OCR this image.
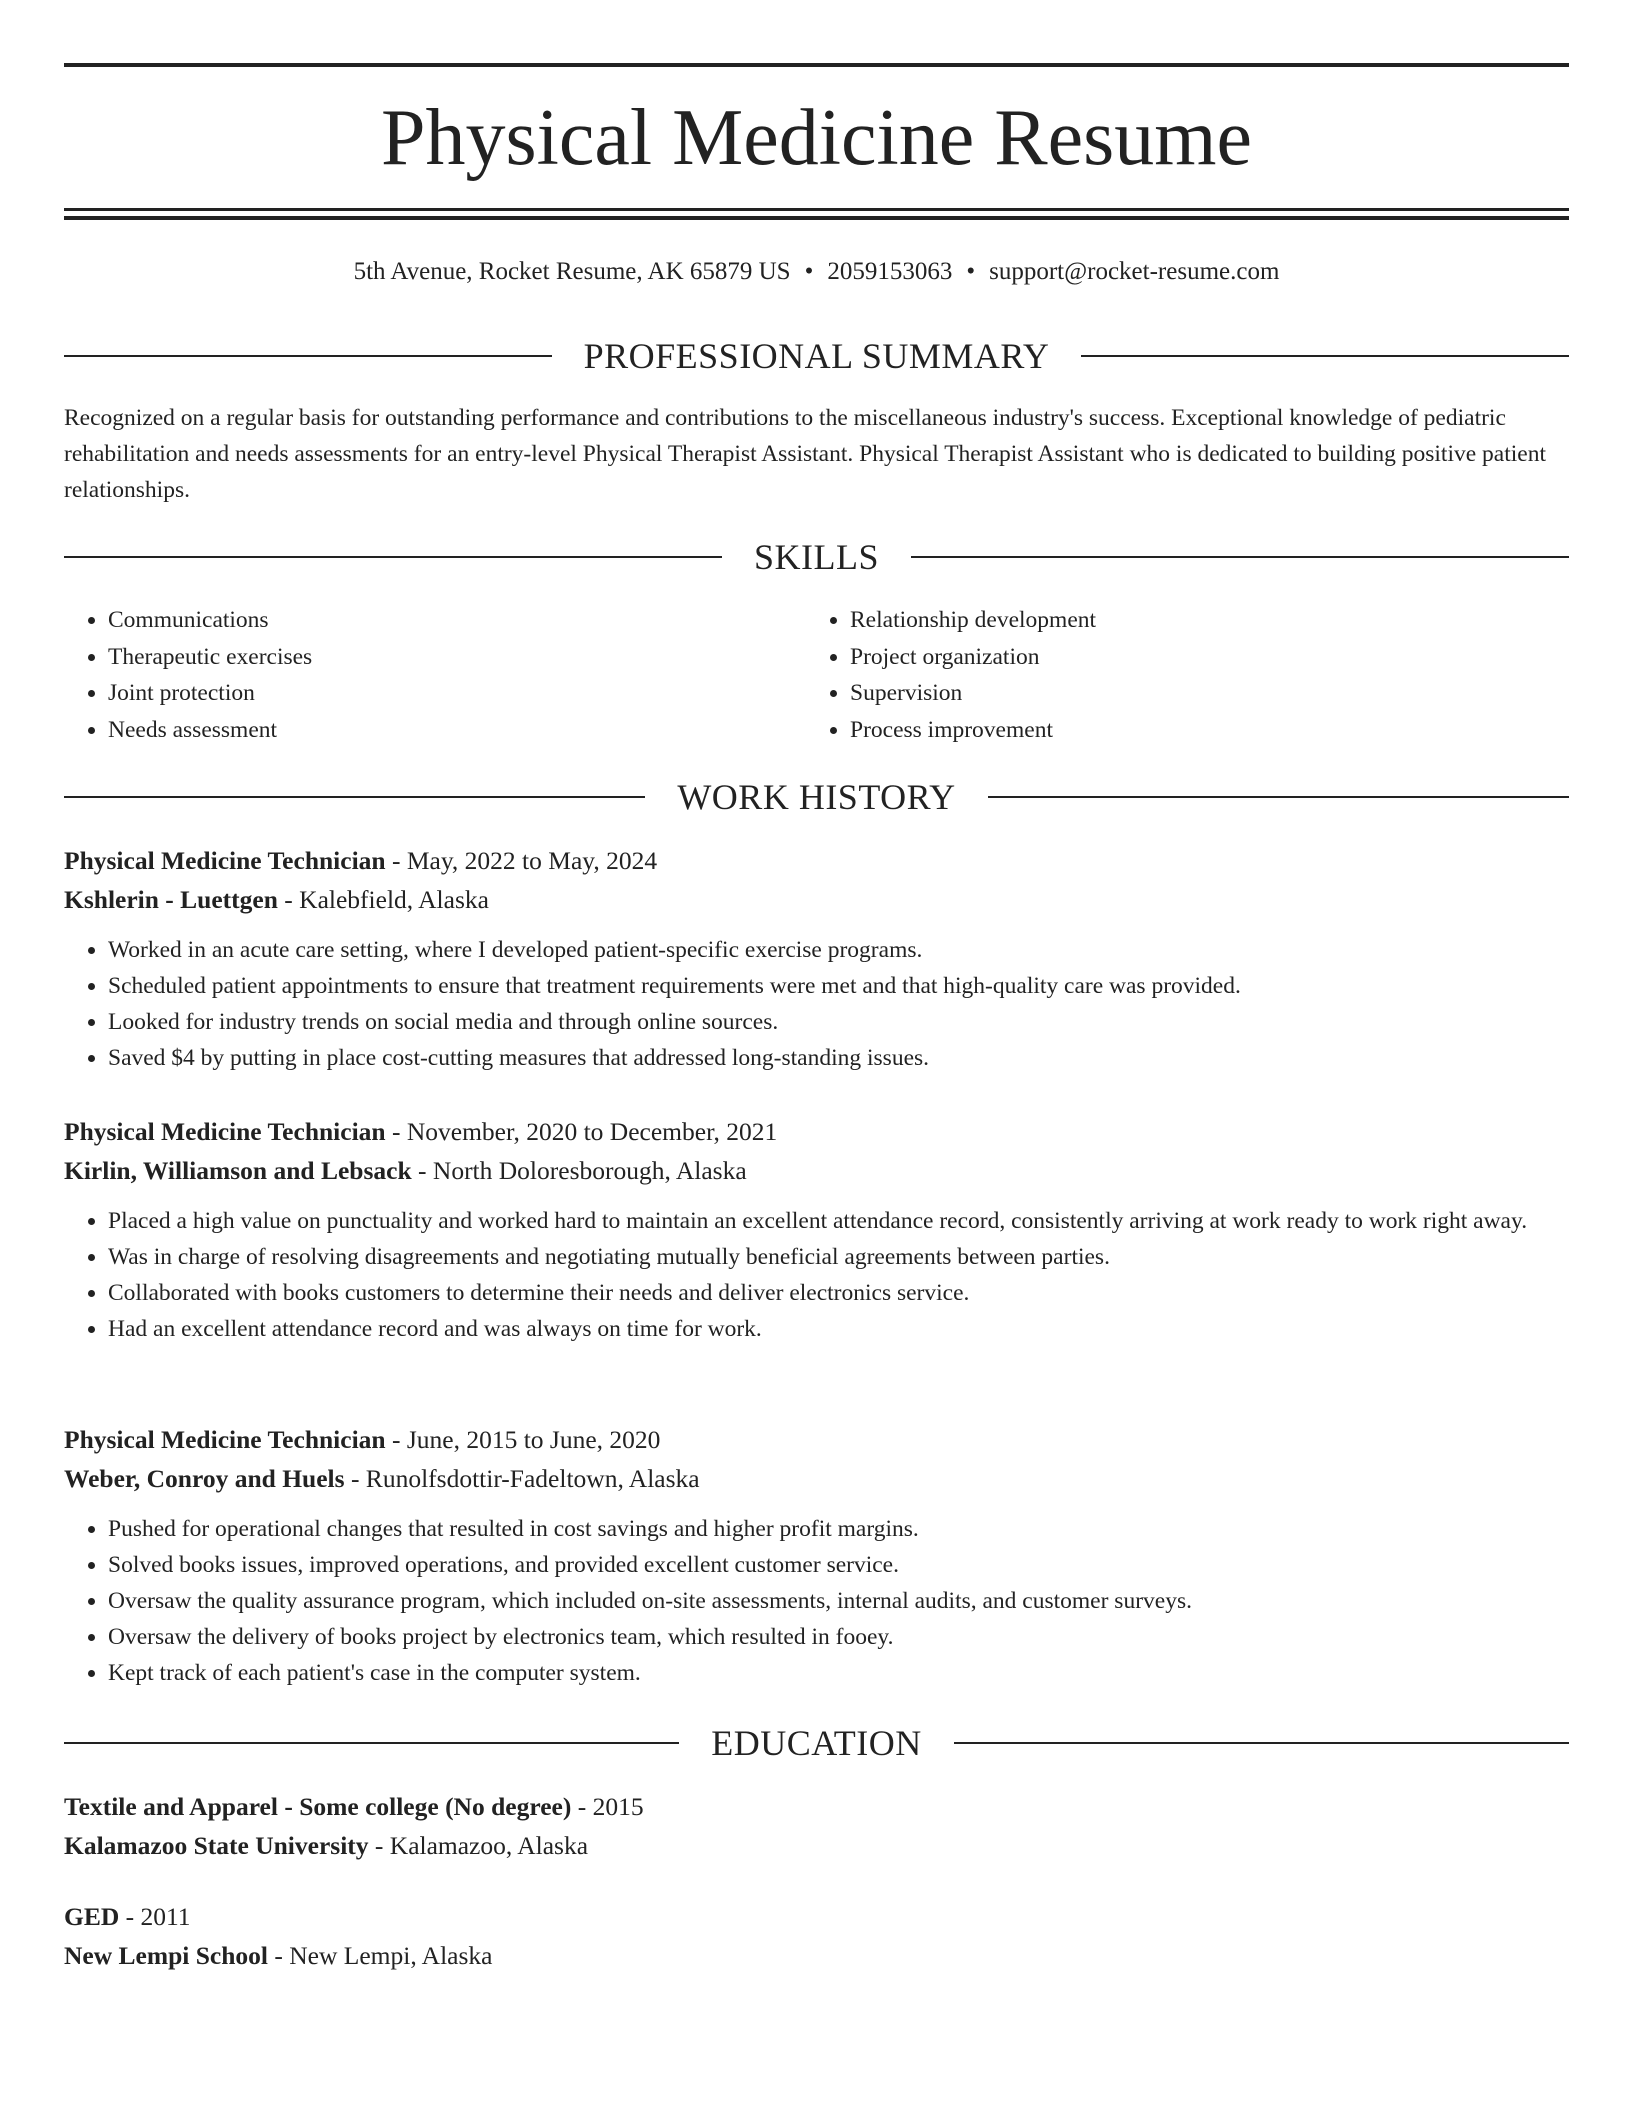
Physical Medicine Resume
5th Avenue, Rocket Resume, AK 65879 US • 2059153063 • support@rocket-resume.com
PROFESSIONAL SUMMARY
Recognized on a regular basis for outstanding performance and contributions to the miscellaneous industry's success. Exceptional knowledge of pediatric rehabilitation and needs assessments for an entry-level Physical Therapist Assistant. Physical Therapist Assistant who is dedicated to building positive patient relationships.
SKILLS
• Communications
• Therapeutic exercises
• Joint protection
• Needs assessment
• Relationship development
• Project organization
• Supervision
• Process improvement
WORK HISTORY
Physical Medicine Technician - May, 2022 to May, 2024
Kshlerin - Luettgen - Kalebfield, Alaska
• Worked in an acute care setting, where I developed patient-specific exercise programs.
• Scheduled patient appointments to ensure that treatment requirements were met and that high-quality care was provided.
• Looked for industry trends on social media and through online sources.
• Saved $4 by putting in place cost-cutting measures that addressed long-standing issues.
Physical Medicine Technician - November, 2020 to December, 2021
Kirlin, Williamson and Lebsack - North Doloresborough, Alaska
• Placed a high value on punctuality and worked hard to maintain an excellent attendance record, consistently arriving at work ready to work right away.
• Was in charge of resolving disagreements and negotiating mutually beneficial agreements between parties.
• Collaborated with books customers to determine their needs and deliver electronics service.
• Had an excellent attendance record and was always on time for work.
Physical Medicine Technician - June, 2015 to June, 2020
Weber, Conroy and Huels - Runolfsdottir-Fadeltown, Alaska
• Pushed for operational changes that resulted in cost savings and higher profit margins.
• Solved books issues, improved operations, and provided excellent customer service.
• Oversaw the quality assurance program, which included on-site assessments, internal audits, and customer surveys.
• Oversaw the delivery of books project by electronics team, which resulted in fooey.
• Kept track of each patient's case in the computer system.
EDUCATION
Textile and Apparel - Some college (No degree) - 2015
Kalamazoo State University - Kalamazoo, Alaska
GED - 2011
New Lempi School - New Lempi, Alaska
